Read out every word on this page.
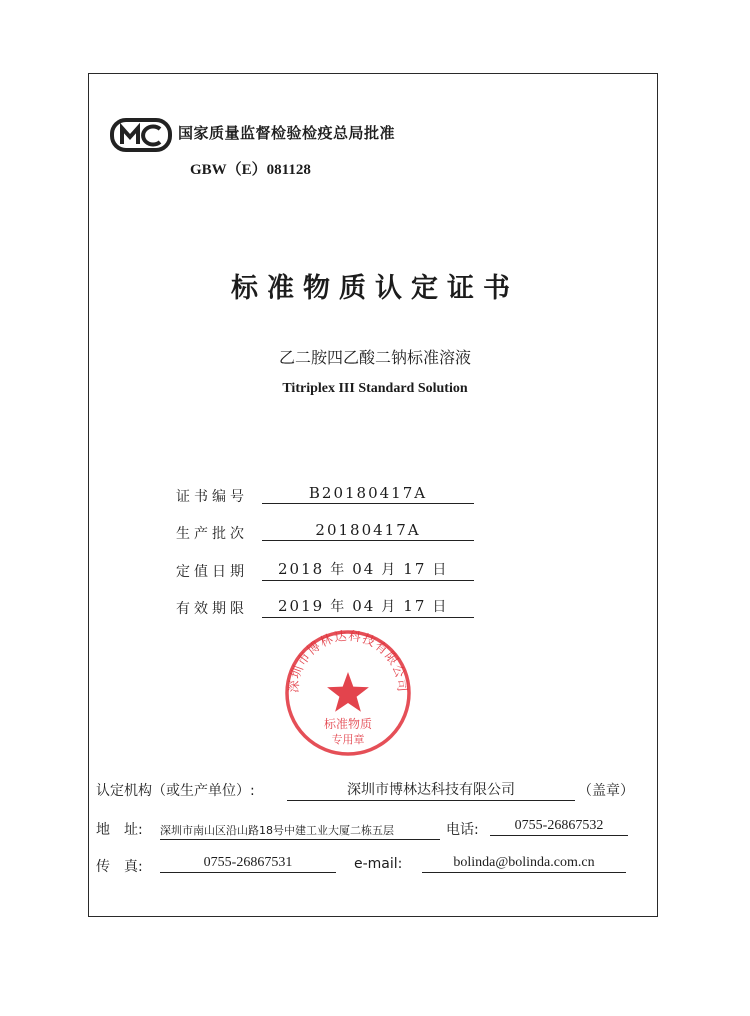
国家质量监督检验检疫总局批准
GBW（E）081128
标准物质认定证书
乙二胺四乙酸二钠标准溶液
Titriplex III Standard Solution
证书编号	B20180417A
生产批次	20180417A
定值日期	2018 年 04 月 17 日
有效期限	2019 年 04 月 17 日
深圳市博林达科技有限公司
标准物质
专用章
认定机构（或生产单位）:	深圳市博林达科技有限公司	（盖章）
地　址: 深圳市南山区沿山路18号中建工业大厦二栋五层	电话:	0755-26867532
传　真:	0755-26867531	e-mail:	bolinda@bolinda.com.cn
